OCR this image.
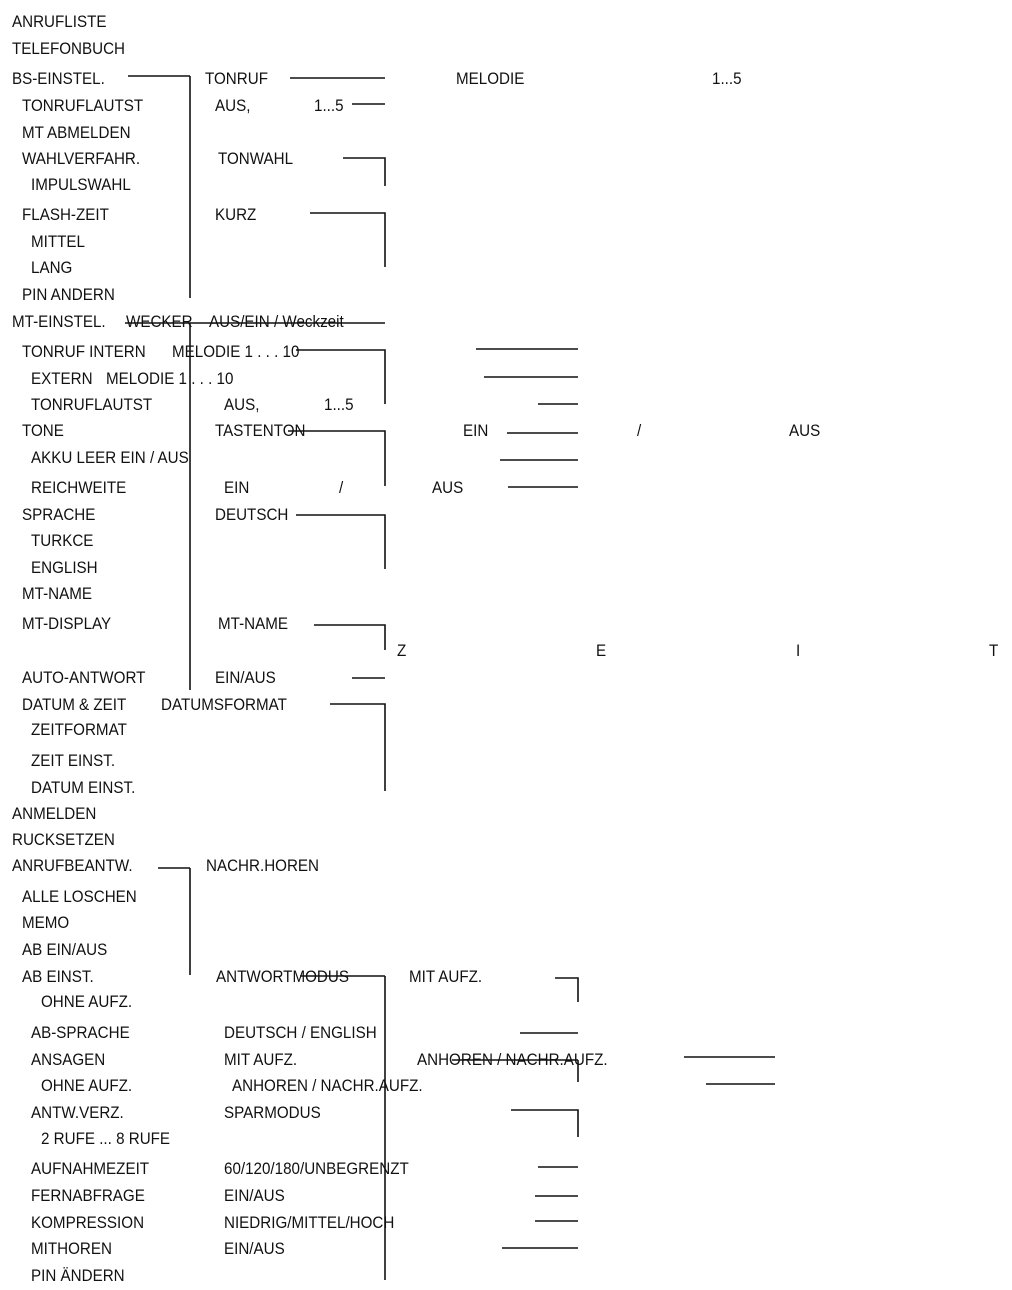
ANRUFLISTE
TELEFONBUCH
BS-EINSTEL.	TONRUF	MELODIE	1...5
TONRUFLAUTST	AUS,	1...5
MT ABMELDEN
WAHLVERFAHR.	TONWAHL
IMPULSWAHL
FLASH-ZEIT	KURZ
MITTEL
LANG
PIN ANDERN
MT-EINSTEL. WECKER AUS/EIN / Weckzeit
TONRUF INTERN MELODIE 1 . . . 10
EXTERN MELODIE 1 . . . 10
TONRUFLAUTST	AUS,	1...5
TONE	TASTENTON	EIN	/	AUS
AKKU LEER EIN / AUS
REICHWEITE	EIN	/	AUS
SPRACHE	DEUTSCH
TURKCE
ENGLISH
MT-NAME
MT-DISPLAY	MT-NAME
Z	E	I	T
AUTO-ANTWORT	EIN/AUS
DATUM & ZEIT DATUMSFORMAT
ZEITFORMAT
ZEIT EINST.
DATUM EINST.
ANMELDEN
RUCKSETZEN
ANRUFBEANTW.	NACHR.HOREN
ALLE LOSCHEN
MEMO
AB EIN/AUS
AB EINST.	ANTWORTMODUS	MIT AUFZ.
OHNE AUFZ.
AB-SPRACHE	DEUTSCH / ENGLISH
ANSAGEN	MIT AUFZ.	ANHOREN / NACHR.AUFZ.
OHNE AUFZ.	ANHOREN / NACHR.AUFZ.
ANTW.VERZ.	SPARMODUS
2 RUFE ... 8 RUFE
AUFNAHMEZEIT	60/120/180/UNBEGRENZT
FERNABFRAGE	EIN/AUS
KOMPRESSION	NIEDRIG/MITTEL/HOCH
MITHOREN	EIN/AUS
PIN ÄNDERN
